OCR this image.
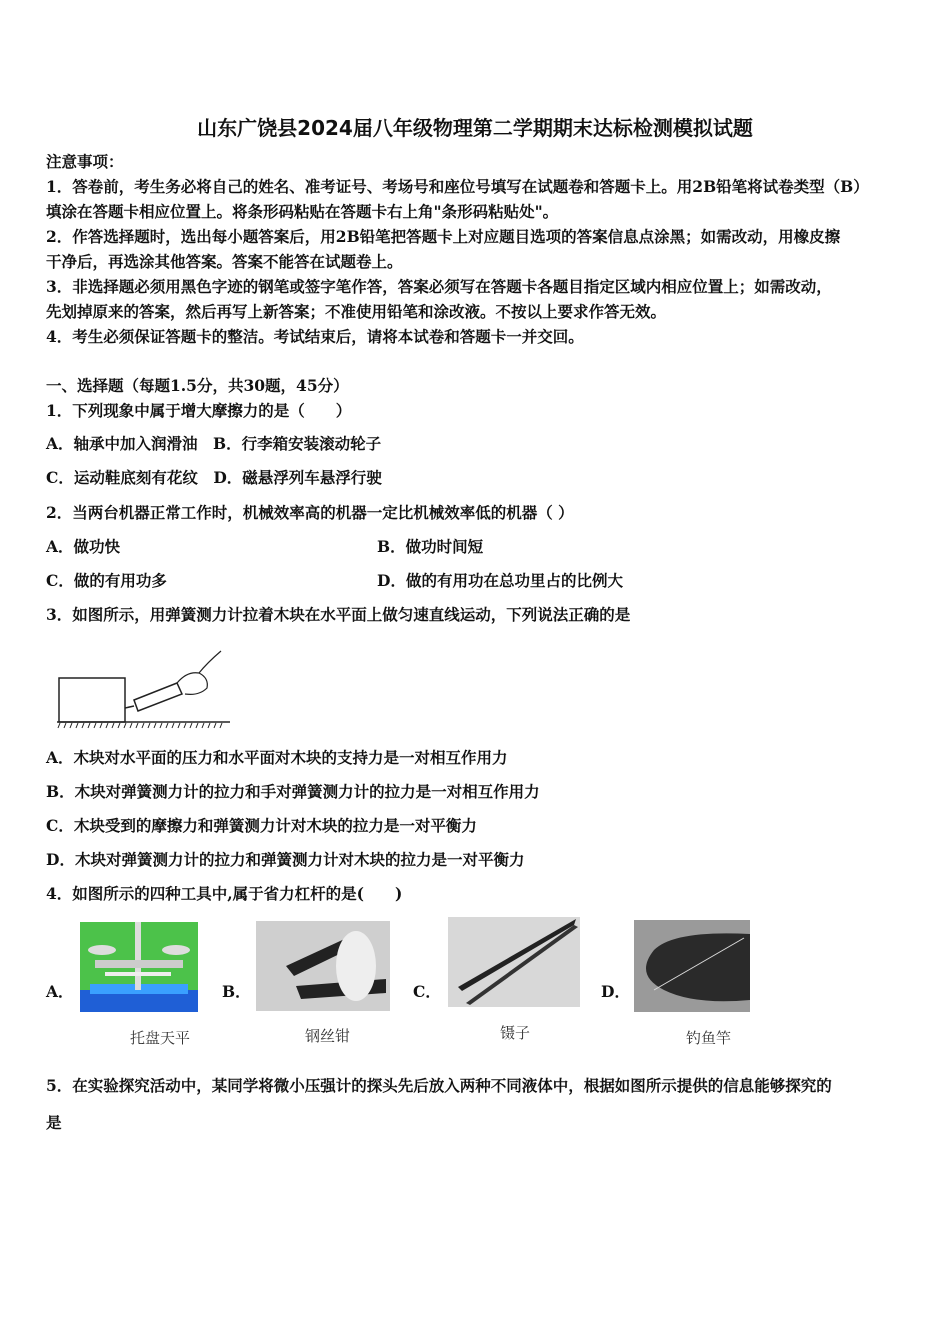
山东广饶县2024届八年级物理第二学期期末达标检测模拟试题
注意事项：
1．答卷前，考生务必将自己的姓名、准考证号、考场号和座位号填写在试题卷和答题卡上。用2B铅笔将试卷类型（B）
填涂在答题卡相应位置上。将条形码粘贴在答题卡右上角"条形码粘贴处"。
2．作答选择题时，选出每小题答案后，用2B铅笔把答题卡上对应题目选项的答案信息点涂黑；如需改动，用橡皮擦
干净后，再选涂其他答案。答案不能答在试题卷上。
3．非选择题必须用黑色字迹的钢笔或签字笔作答，答案必须写在答题卡各题目指定区域内相应位置上；如需改动，
先划掉原来的答案，然后再写上新答案；不准使用铅笔和涂改液。不按以上要求作答无效。
4．考生必须保证答题卡的整洁。考试结束后，请将本试卷和答题卡一并交回。
一、选择题（每题1.5分，共30题，45分）
1．下列现象中属于增大摩擦力的是（　　）
A．轴承中加入润滑油　B．行李箱安装滚动轮子
C．运动鞋底刻有花纹　D．磁悬浮列车悬浮行驶
2．当两台机器正常工作时，机械效率高的机器一定比机械效率低的机器（ ）
A．做功快	B．做功时间短
C．做的有用功多	D．做的有用功在总功里占的比例大
3．如图所示，用弹簧测力计拉着木块在水平面上做匀速直线运动，下列说法正确的是
A．木块对水平面的压力和水平面对木块的支持力是一对相互作用力
B．木块对弹簧测力计的拉力和手对弹簧测力计的拉力是一对相互作用力
C．木块受到的摩擦力和弹簧测力计对木块的拉力是一对平衡力
D．木块对弹簧测力计的拉力和弹簧测力计对木块的拉力是一对平衡力
4．如图所示的四种工具中,属于省力杠杆的是(　　)
A．
托盘天平
B．
钢丝钳
C．
镊子
D．
钓鱼竿
5．在实验探究活动中，某同学将微小压强计的探头先后放入两种不同液体中，根据如图所示提供的信息能够探究的
是
